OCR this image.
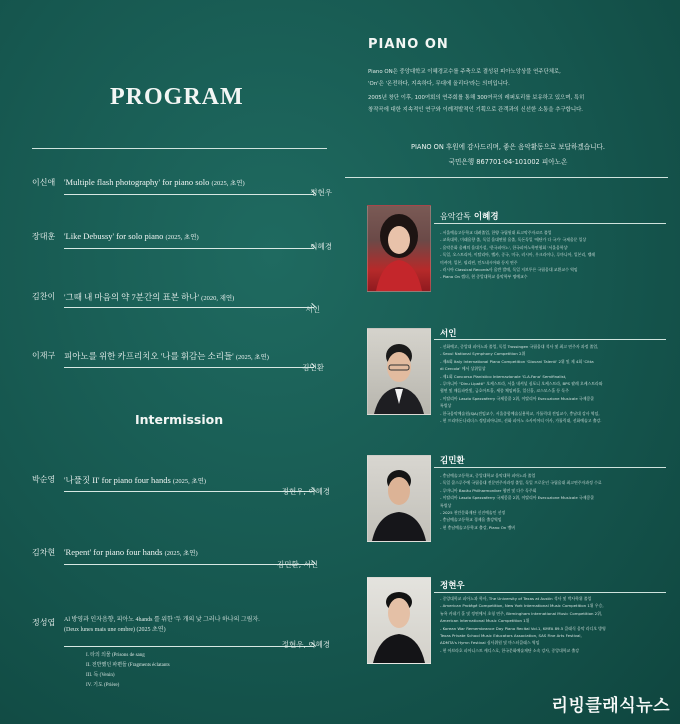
PROGRAM
이신애 'Multiple flash photography' for piano solo (2025, 초연)
정현우
장대훈 'Like Debussy' for solo piano (2025, 초연)
이혜경
김찬이 '그때 내 마음의 약 7분간의 표본 하나' (2020, 재연)
서인
이재구 피아노를 위한 카프리치오 '나를 휘감는 소리들' (2025, 초연)
김민환
Intermission
박순영 '나풀짓 II' for piano four hands (2025, 초연)
정현우, 이혜경
김차현 'Repent' for piano four hands (2025, 초연)
김민환, 서인
정성엽 Al 방영과 인자음향, 피아노 4hands 를 위한 '두 개의 낯 그러나 하나의 그림자.
(Deux lunes mais une ombre) (2025 초연)
정현우, 이혜경
I. 타의 의물 (Prisons de sang
II. 전반했던 파편들 (Fragments éclatants
III. 독 (Venin)
IV. 기도 (Prière)
PIANO ON
Piano ON은 중앙대학교 이혜경교수를 주축으로 결성된 피아노앙상블 연주단체로,
'On'은 '온전하다, 지속하다, 무대에 올리다'라는 의미입니다.
2005년 창단 이후, 100여회의 연주회를 통해 300여곡의 레퍼토리를 보유하고 있으며, 특히
창작곡에 대한 지속적인 연구와 이례적발적인 기획으로 관객과의 신선한 소통을 추구합니다.
PIANO ON 후원에 감사드리며, 좋은 음악활동으로 보답하겠습니다.
국민은행 867701-04-101002 피아노온
음악감독 이혜경
- 서울예술고등학교 대려졸업, 한양 국립원대 표고악주자코르 졸업
- 교육대학, 미래음향 졸, 독일 음대연합 음졸, 독돈독일 '에단가 다 국가' 국제음문 입상
- 음악문화 음배의 음대가설, '한국피아노', 한국피아노학연협회 '서울음학상'
- 독일, 오스트리아, 이탈리아, 벨카, 중국, 미국, 러시아, 우크라이나, 루마니아, 일본리, 벨레
미셔야, 일본, 필리핀, 인도네시아와 등지 연주
- 러시아 Classical Records사 음반 발매, 독일 저브투른 국립음대 교환교수 역임
- Piano On 렙더, 현 중앙대학교 음악학부 명예교수
서인
- 선화예고, 중앙대 피아노과 졸업, 독일 Trossingen 국립음대 석사 및 최고 연주자 과정 졸업,
- Seoul National Symphony Competition 2위
- 제8회 Italy International Piano Competition 'Giovani Talenti' 2위 및 제 4회 'Citta
di Cercola' 에서 상위입상
- 제1회 Concorso Pianistico Internazionale 'G.A.Fano' Semifinalist,
- 루마니아 "Dinu Lipatti" 오케스트라, 서울 내셔널 심포니 오케스트라, BPS 팔레 오케스트라와
협연 및 매듭파란빛, 금호아트홀, 세종 체임버홀, 일신홀, 코스모스홀 등 독주
- 이탈리아 Laszlo Spezzaferry 국제콩쿨 2위, 이탈리아 Esecuzione Musicale 국제콩쿨
특별상
- 한국음악예술원(SJA)전임교수, 서울종합예술실용학교, 가톨릭대 전임교수, 충남대 강사 역임,
- 현 프리마돈나리더스 정담피아니트, 선화 피아노 소사이어티 이사, 가톨릭대, 선화예술고 출강.
김민환
- 충남예술고등학교, 중앙대학교 음악대학 피아노과 졸업
- 독일 쿨스루주에 국립음대 전문연주자과정 졸업, 독일 프로운넌 국립음대 최고연주자과정 수료
- 루마니아 Bacău Philharmoniker 협연 및 다수 독주회
- 이탈리아 Laszlo Spezzaferry 국제콩쿨 2위, 이탈리아 Esecuzione Musicale 국제콩쿨
특별상
- 2025 천안문화재단 신진예술인 선정
- 충남예술고등학교 경제음 출강역임
- 현 충남예술고등학교 출강, Piano On 멤버
정현우
- 중앙대학교 피아노과 학사, The University of Texas at Austin 석사 및 박사학위 졸업
- American Protégé Competition, New York International Music Competition 1위 우승,
뉴욕 카네기 홀 및 정연에서 초청 연주, Birmingham International Music Competition 2위,
American International Music Competition 1위
- Korean War Remembrance Day Piano Recital Vol.1, KMFA 89.5 클래식 음악 라디오 방영
Texas Private School Music Educators Association, SAS Fine Arts Festival,
ADMTA's Hymn Festival 심사위원 및 마스터클래스 역임
- 현 아브라호 피아니스트 캐디스호, 한국문화예술재단 소속 강사, 중앙대학교 출강
리빙클래식뉴스
